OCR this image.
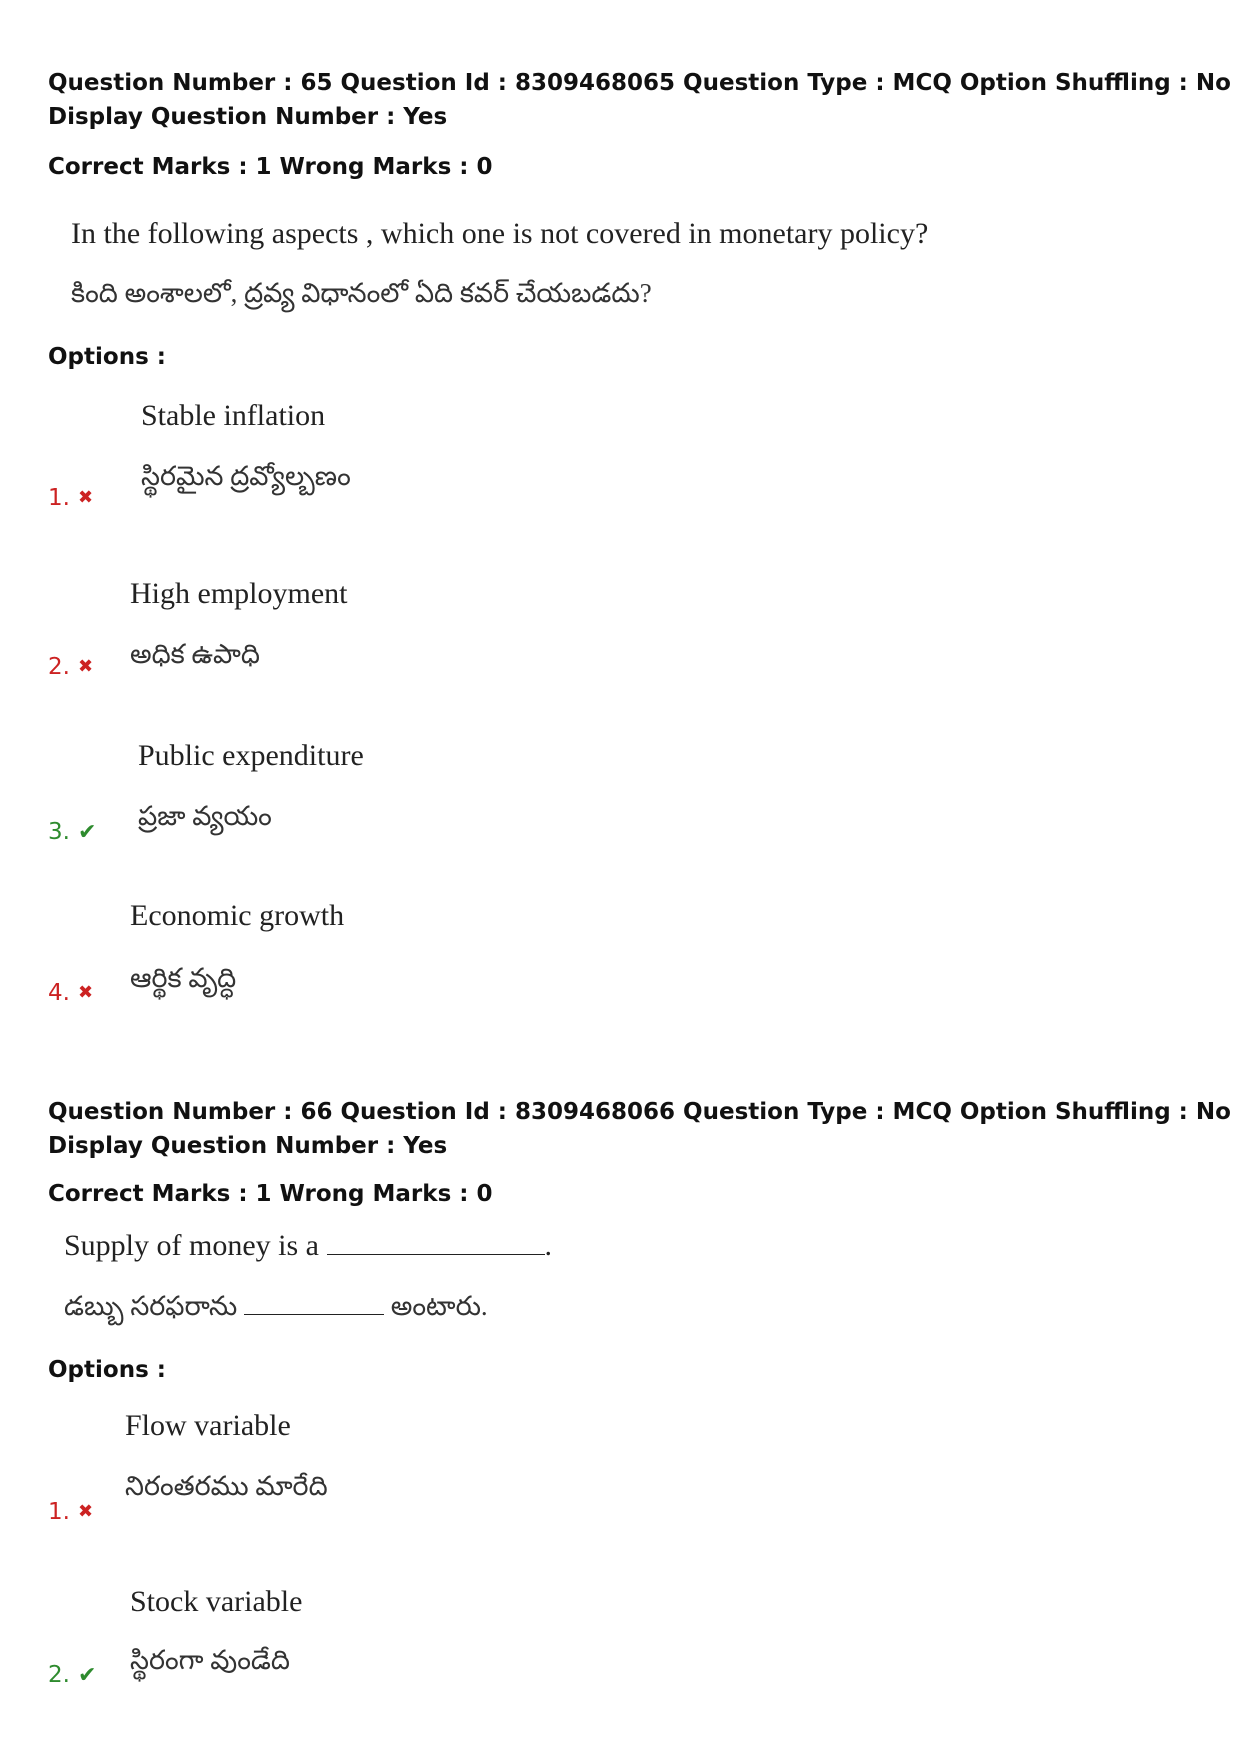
Question Number : 65 Question Id : 8309468065 Question Type : MCQ Option Shuffling : No
Display Question Number : Yes
Correct Marks : 1 Wrong Marks : 0
In the following aspects , which one is not covered in monetary policy?
కింది అంశాలలో, ద్రవ్య విధానంలో ఏది కవర్ చేయబడదు?
Options :
Stable inflation
స్థిరమైన ద్రవ్యోల్బణం
1. ✖
High employment
అధిక ఉపాధి
2. ✖
Public expenditure
ప్రజా వ్యయం
3. ✔
Economic growth
ఆర్థిక వృద్ధి
4. ✖
Question Number : 66 Question Id : 8309468066 Question Type : MCQ Option Shuffling : No
Display Question Number : Yes
Correct Marks : 1 Wrong Marks : 0
Supply of money is a	.
డబ్బు సరఫరాను	అంటారు.
Options :
Flow variable
నిరంతరము మారేది
1. ✖
Stock variable
స్థిరంగా వుండేది
2. ✔
